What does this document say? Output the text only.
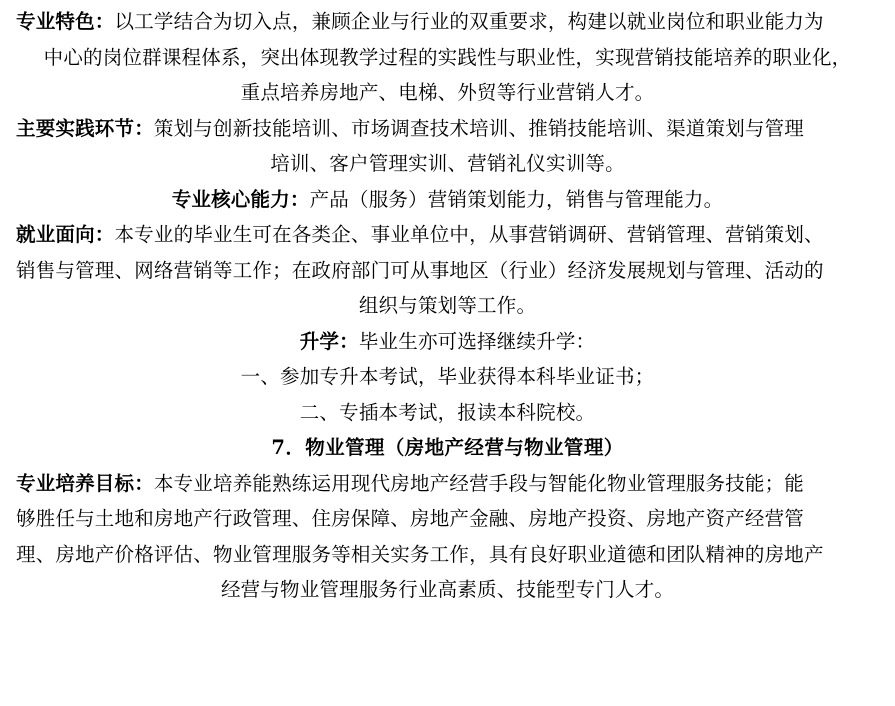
专业特色：以工学结合为切入点，兼顾企业与行业的双重要求，构建以就业岗位和职业能力为

中心的岗位群课程体系，突出体现教学过程的实践性与职业性，实现营销技能培养的职业化，

重点培养房地产、电梯、外贸等行业营销人才。

主要实践环节：策划与创新技能培训、市场调查技术培训、推销技能培训、渠道策划与管理

培训、客户管理实训、营销礼仪实训等。

专业核心能力：产品（服务）营销策划能力，销售与管理能力。

就业面向：本专业的毕业生可在各类企、事业单位中，从事营销调研、营销管理、营销策划、

销售与管理、网络营销等工作；在政府部门可从事地区（行业）经济发展规划与管理、活动的

组织与策划等工作。

升学：毕业生亦可选择继续升学：

一、参加专升本考试，毕业获得本科毕业证书；

二、专插本考试，报读本科院校。

7．物业管理（房地产经营与物业管理）

专业培养目标：本专业培养能熟练运用现代房地产经营手段与智能化物业管理服务技能；能

够胜任与土地和房地产行政管理、住房保障、房地产金融、房地产投资、房地产资产经营管

理、房地产价格评估、物业管理服务等相关实务工作，具有良好职业道德和团队精神的房地产

经营与物业管理服务行业高素质、技能型专门人才。
